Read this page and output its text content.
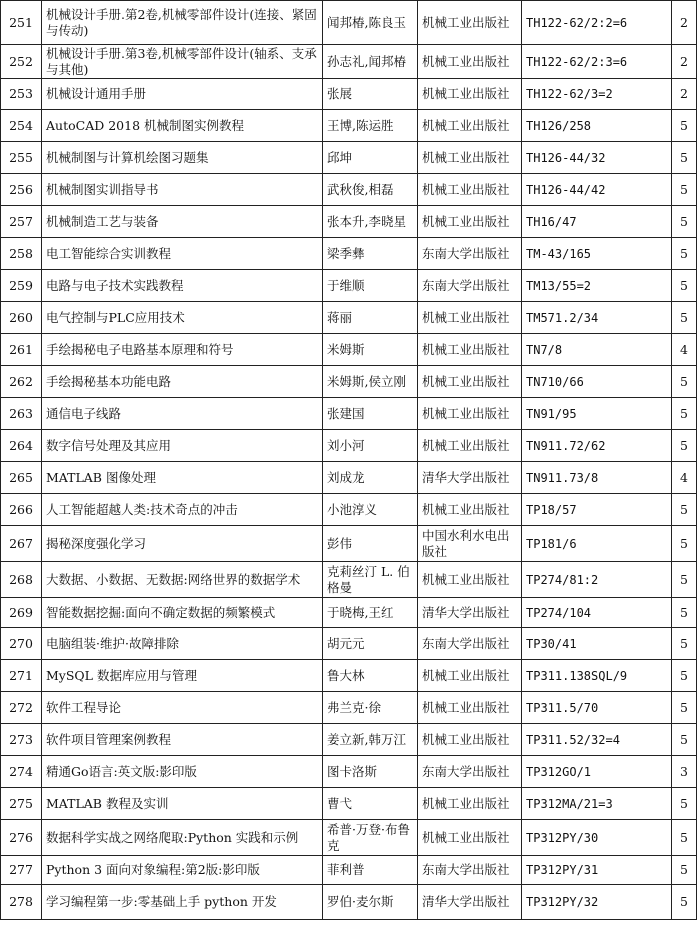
251	机械设计手册.第2卷,机械零部件设计(连接、紧固与传动)	闻邦椿,陈良玉	机械工业出版社	TH122-62/2:2=6	2
252	机械设计手册.第3卷,机械零部件设计(轴系、支承与其他)	孙志礼,闻邦椿	机械工业出版社	TH122-62/2:3=6	2
253	机械设计通用手册	张展	机械工业出版社	TH122-62/3=2	2
254	AutoCAD 2018 机械制图实例教程	王博,陈运胜	机械工业出版社	TH126/258	5
255	机械制图与计算机绘图习题集	邱坤	机械工业出版社	TH126-44/32	5
256	机械制图实训指导书	武秋俊,相磊	机械工业出版社	TH126-44/42	5
257	机械制造工艺与装备	张本升,李晓星	机械工业出版社	TH16/47	5
258	电工智能综合实训教程	梁季彝	东南大学出版社	TM-43/165	5
259	电路与电子技术实践教程	于维顺	东南大学出版社	TM13/55=2	5
260	电气控制与PLC应用技术	蒋丽	机械工业出版社	TM571.2/34	5
261	手绘揭秘电子电路基本原理和符号	米姆斯	机械工业出版社	TN7/8	4
262	手绘揭秘基本功能电路	米姆斯,侯立刚	机械工业出版社	TN710/66	5
263	通信电子线路	张建国	机械工业出版社	TN91/95	5
264	数字信号处理及其应用	刘小河	机械工业出版社	TN911.72/62	5
265	MATLAB 图像处理	刘成龙	清华大学出版社	TN911.73/8	4
266	人工智能超越人类:技术奇点的冲击	小池淳义	机械工业出版社	TP18/57	5
267	揭秘深度强化学习	彭伟	中国水利水电出版社	TP181/6	5
268	大数据、小数据、无数据:网络世界的数据学术	克莉丝汀 L. 伯格曼	机械工业出版社	TP274/81:2	5
269	智能数据挖掘:面向不确定数据的频繁模式	于晓梅,王红	清华大学出版社	TP274/104	5
270	电脑组装·维护·故障排除	胡元元	东南大学出版社	TP30/41	5
271	MySQL 数据库应用与管理	鲁大林	机械工业出版社	TP311.138SQL/9	5
272	软件工程导论	弗兰克·徐	机械工业出版社	TP311.5/70	5
273	软件项目管理案例教程	姜立新,韩万江	机械工业出版社	TP311.52/32=4	5
274	精通Go语言:英文版:影印版	图卡洛斯	东南大学出版社	TP312GO/1	3
275	MATLAB 教程及实训	曹弋	机械工业出版社	TP312MA/21=3	5
276	数据科学实战之网络爬取:Python 实践和示例	希普·万登·布鲁克	机械工业出版社	TP312PY/30	5
277	Python 3 面向对象编程:第2版:影印版	菲利普	东南大学出版社	TP312PY/31	5
278	学习编程第一步:零基础上手 python 开发	罗伯·麦尔斯	清华大学出版社	TP312PY/32	5
